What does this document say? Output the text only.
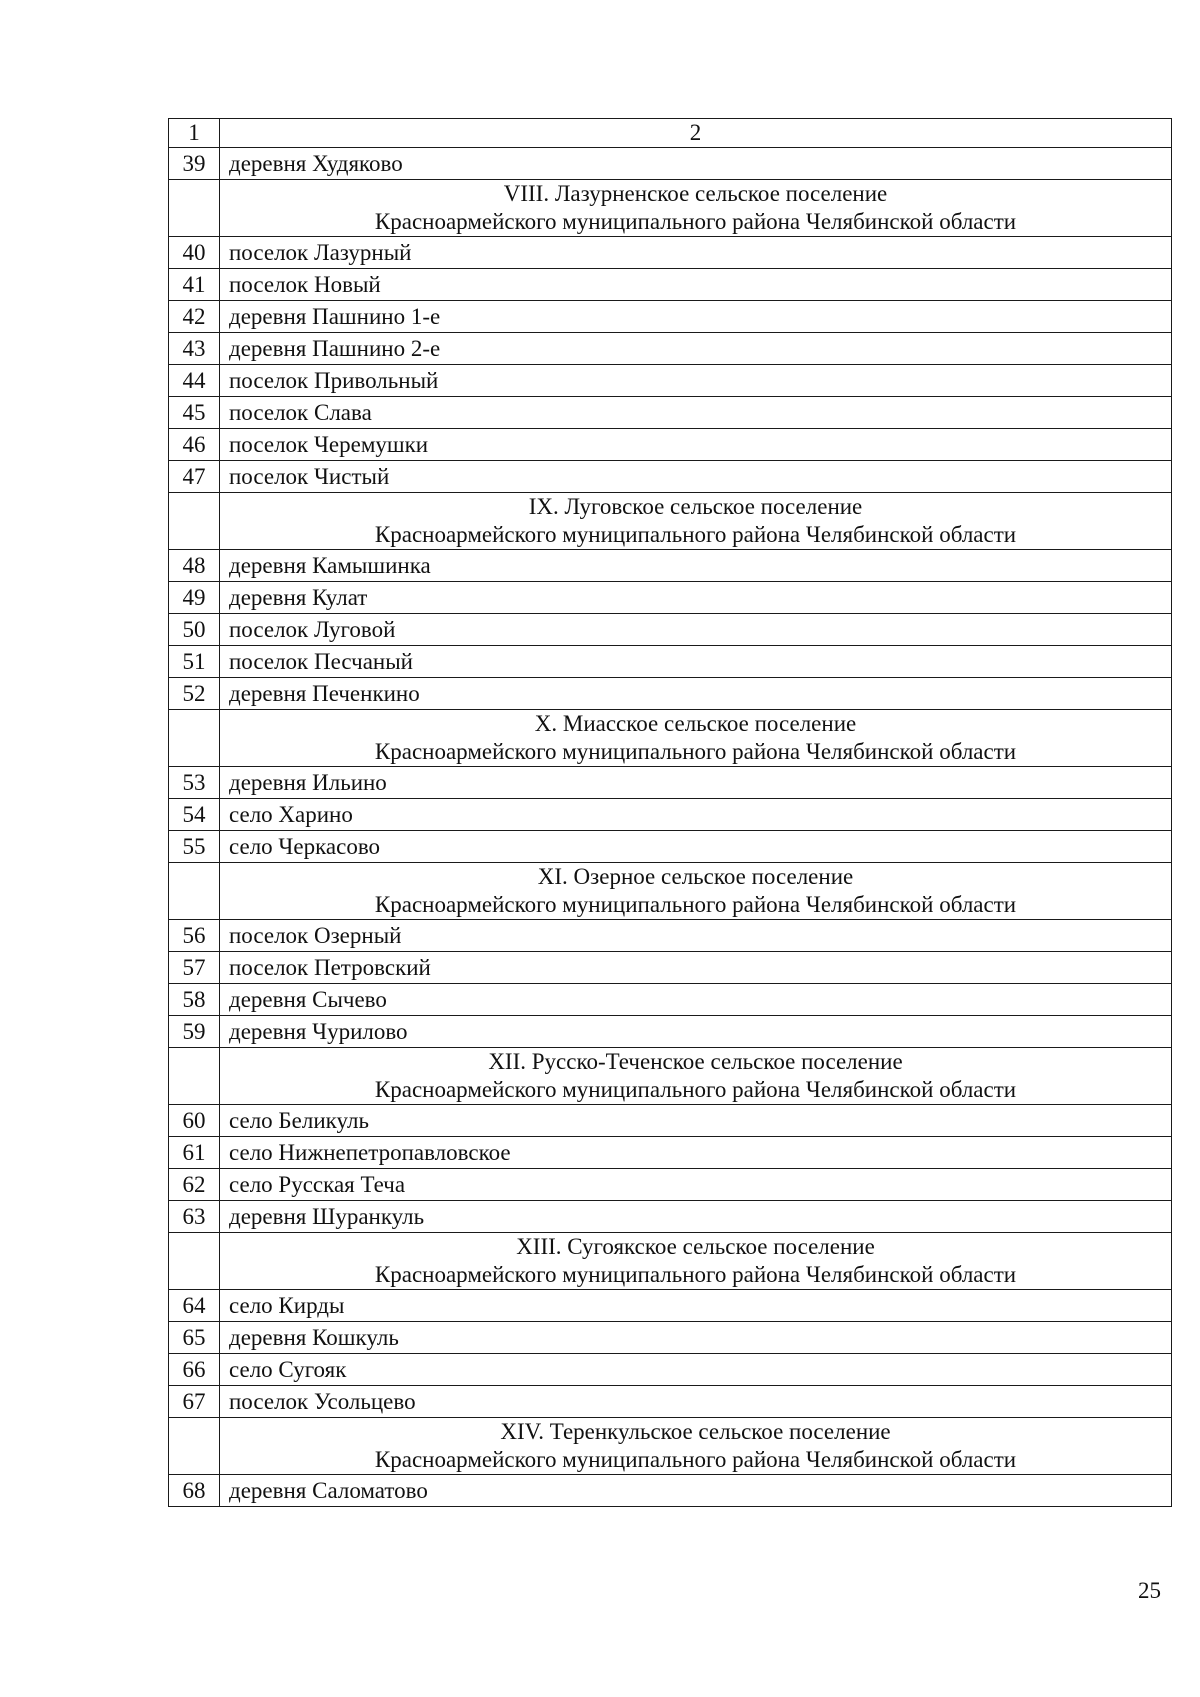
1	2
39	деревня Худяково

	VIII. Лазурненское сельское поселение
Красноармейского муниципального района Челябинской области

40	поселок Лазурный
41	поселок Новый
42	деревня Пашнино 1-е
43	деревня Пашнино 2-е
44	поселок Привольный
45	поселок Слава
46	поселок Черемушки
47	поселок Чистый

	IX. Луговское сельское поселение
Красноармейского муниципального района Челябинской области

48	деревня Камышинка
49	деревня Кулат
50	поселок Луговой
51	поселок Песчаный
52	деревня Печенкино

	X. Миасское сельское поселение
Красноармейского муниципального района Челябинской области

53	деревня Ильино
54	село Харино
55	село Черкасово

	XI. Озерное сельское поселение
Красноармейского муниципального района Челябинской области

56	поселок Озерный
57	поселок Петровский
58	деревня Сычево
59	деревня Чурилово

	XII. Русско-Теченское сельское поселение
Красноармейского муниципального района Челябинской области

60	село Беликуль
61	село Нижнепетропавловское
62	село Русская Теча
63	деревня Шуранкуль

	XIII. Сугоякское сельское поселение
Красноармейского муниципального района Челябинской области

64	село Кирды
65	деревня Кошкуль
66	село Сугояк
67	поселок Усольцево

	XIV. Теренкульское сельское поселение
Красноармейского муниципального района Челябинской области

68	деревня Саломатово
25
